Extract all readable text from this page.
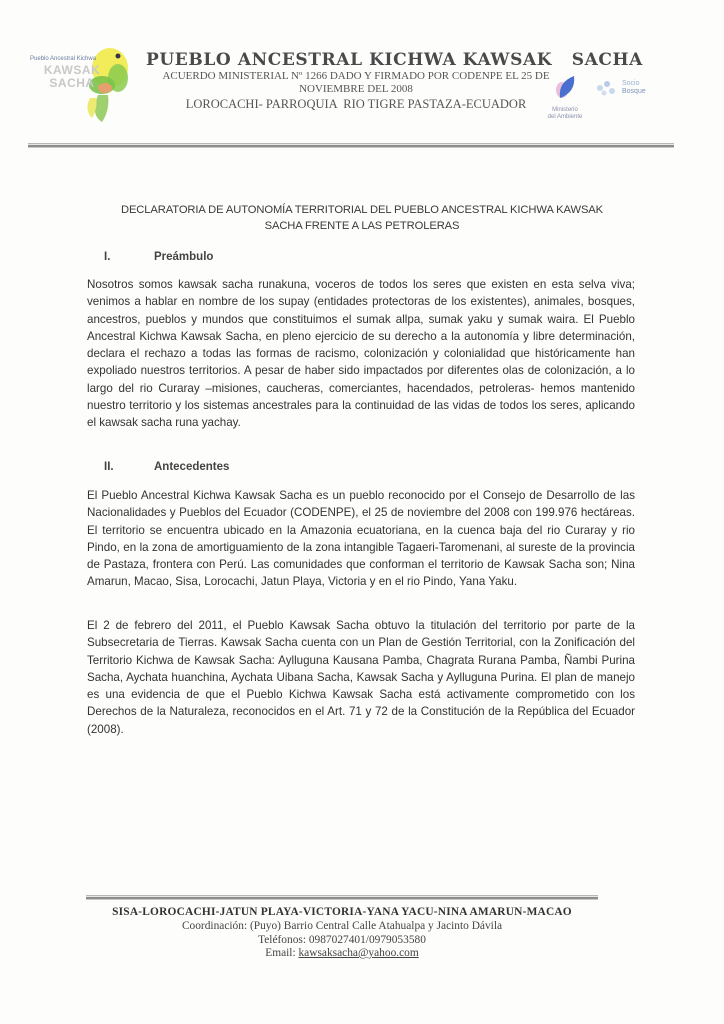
Pueblo Ancestral Kichwa
KAWSAK
SACHA
PUEBLO ANCESTRAL KICHWA KAWSAK   SACHA
ACUERDO MINISTERIAL Nº 1266 DADO Y FIRMADO POR CODENPE EL 25 DE
NOVIEMBRE DEL 2008
LOROCACHI- PARROQUIA  RIO TIGRE PASTAZA-ECUADOR	Ministerio
del Ambiente
Socio
Bosque
DECLARATORIA DE AUTONOMÍA TERRITORIAL DEL PUEBLO ANCESTRAL KICHWA KAWSAK
SACHA FRENTE A LAS PETROLERAS
I.	Preámbulo
Nosotros somos kawsak sacha runakuna, voceros de todos los seres que existen en esta selva viva; venimos a hablar en nombre de los supay (entidades protectoras de los existentes), animales, bosques, ancestros, pueblos y mundos que constituimos el sumak allpa, sumak yaku y sumak waira. El Pueblo Ancestral Kichwa Kawsak Sacha, en pleno ejercicio de su derecho a la autonomía y libre determinación, declara el rechazo a todas las formas de racismo, colonización y colonialidad que históricamente han expoliado nuestros territorios. A pesar de haber sido impactados por diferentes olas de colonización, a lo largo del rio Curaray –misiones, caucheras, comerciantes, hacendados, petroleras- hemos mantenido nuestro territorio y los sistemas ancestrales para la continuidad de las vidas de todos los seres, aplicando el kawsak sacha runa yachay.
II.	Antecedentes
El Pueblo Ancestral Kichwa Kawsak Sacha es un pueblo reconocido por el Consejo de Desarrollo de las Nacionalidades y Pueblos del Ecuador (CODENPE), el 25 de noviembre del 2008 con 199.976 hectáreas. El territorio se encuentra ubicado en la Amazonia ecuatoriana, en la cuenca baja del rio Curaray y rio Pindo, en la zona de amortiguamiento de la zona intangible Tagaeri-Taromenani, al sureste de la provincia de Pastaza, frontera con Perú. Las comunidades que conforman el territorio de Kawsak Sacha son; Nina Amarun, Macao, Sisa, Lorocachi, Jatun Playa, Victoria y en el rio Pindo, Yana Yaku.
El 2 de febrero del 2011, el Pueblo Kawsak Sacha obtuvo la titulación del territorio por parte de la Subsecretaria de Tierras. Kawsak Sacha cuenta con un Plan de Gestión Territorial, con la Zonificación del Territorio Kichwa de Kawsak Sacha: Aylluguna Kausana Pamba, Chagrata Rurana Pamba, Ñambi Purina Sacha, Aychata huanchina, Aychata Uibana Sacha, Kawsak Sacha y Aylluguna Purina. El plan de manejo es una evidencia de que el Pueblo Kichwa Kawsak Sacha está activamente comprometido con los Derechos de la Naturaleza, reconocidos en el Art. 71 y 72 de la Constitución de la República del Ecuador (2008).
SISA-LOROCACHI-JATUN PLAYA-VICTORIA-YANA YACU-NINA AMARUN-MACAO
Coordinación: (Puyo) Barrio Central Calle Atahualpa y Jacinto Dávila
Teléfonos: 0987027401/0979053580
Email: kawsaksacha@yahoo.com
